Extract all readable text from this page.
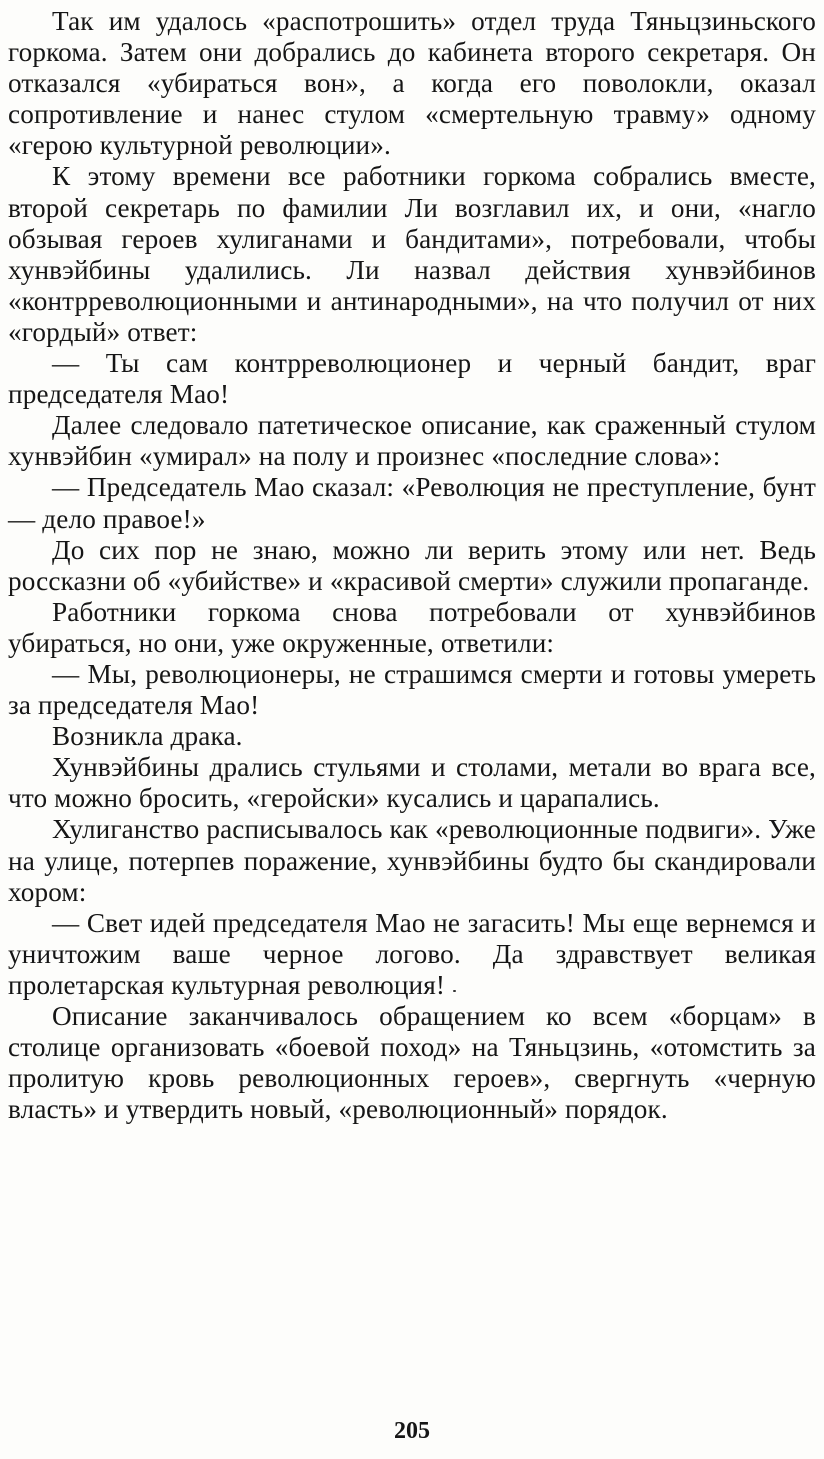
Так им удалось «распотрошить» отдел труда Тяньцзиньского горкома. Затем они добрались до кабинета второго секретаря. Он отказался «убираться вон», а когда его поволокли, оказал сопротивление и нанес стулом «смертельную травму» одному «герою культурной революции».

К этому времени все работники горкома собрались вместе, второй секретарь по фамилии Ли возглавил их, и они, «нагло обзывая героев хулиганами и бандитами», потребовали, чтобы хунвэйбины удалились. Ли назвал действия хунвэйбинов «контрреволюционными и антинародными», на что получил от них «гордый» ответ:

— Ты сам контрреволюционер и черный бандит, враг председателя Мао!

Далее следовало патетическое описание, как сраженный стулом хунвэйбин «умирал» на полу и произнес «последние слова»:

— Председатель Мао сказал: «Революция не преступление, бунт — дело правое!»

До сих пор не знаю, можно ли верить этому или нет. Ведь россказни об «убийстве» и «красивой смерти» служили пропаганде.

Работники горкома снова потребовали от хунвэйбинов убираться, но они, уже окруженные, ответили:

— Мы, революционеры, не страшимся смерти и готовы умереть за председателя Мао!

Возникла драка.

Хунвэйбины дрались стульями и столами, метали во врага все, что можно бросить, «геройски» кусались и царапались.

Хулиганство расписывалось как «революционные подвиги». Уже на улице, потерпев поражение, хунвэйбины будто бы скандировали хором:

— Свет идей председателя Мао не загасить! Мы еще вернемся и уничтожим ваше черное логово. Да здравствует великая пролетарская культурная революция!

Описание заканчивалось обращением ко всем «борцам» в столице организовать «боевой поход» на Тяньцзинь, «отомстить за пролитую кровь революционных героев», свергнуть «черную власть» и утвердить новый, «революционный» порядок.

205
